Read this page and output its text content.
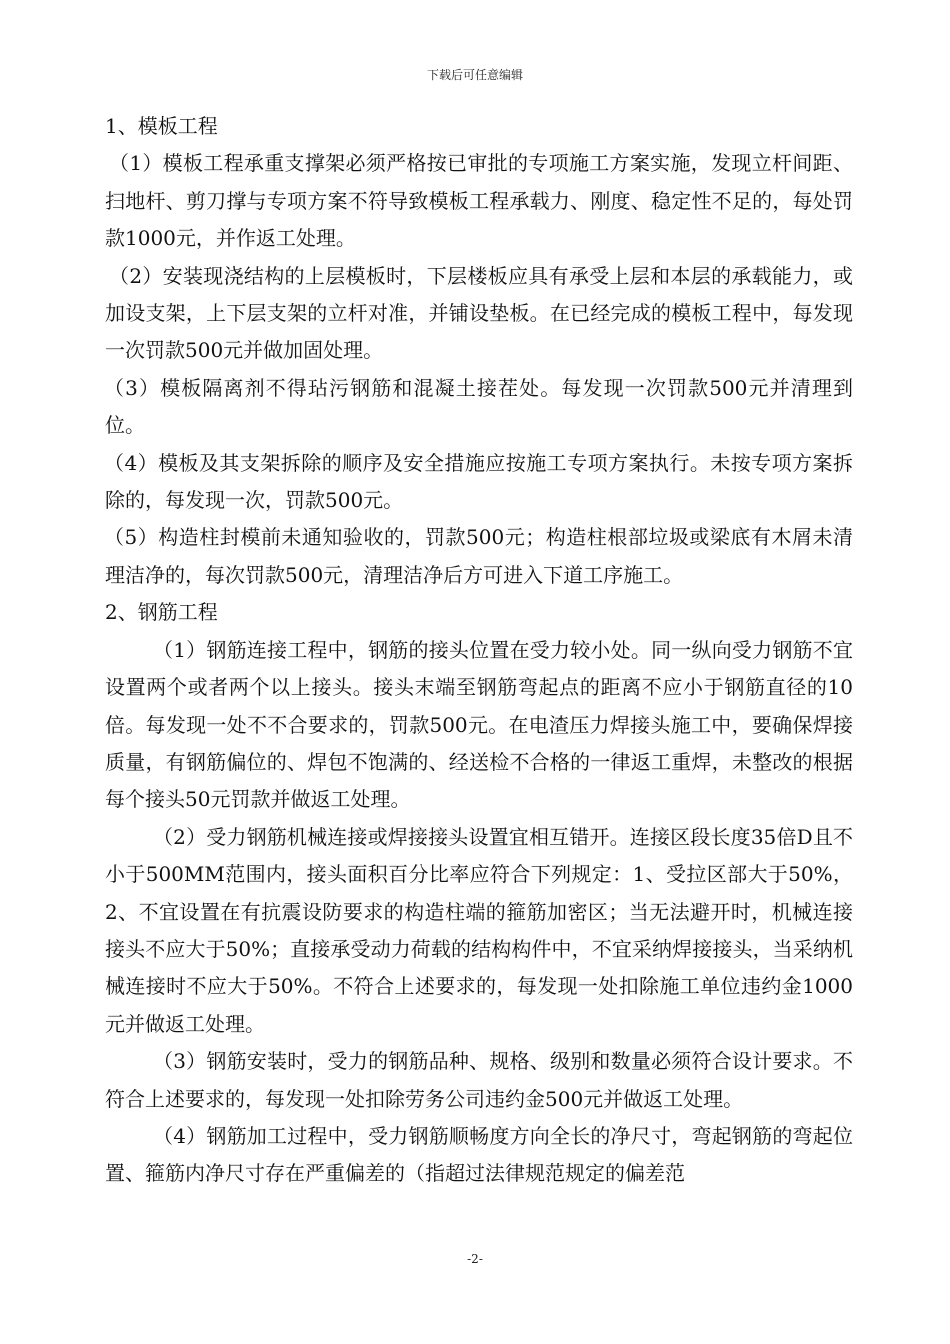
下载后可任意编辑

1、模板工程

（1）模板工程承重支撑架必须严格按已审批的专项施工方案实施，发现立杆间距、扫地杆、剪刀撑与专项方案不符导致模板工程承载力、刚度、稳定性不足的，每处罚款1000元，并作返工处理。

（2）安装现浇结构的上层模板时，下层楼板应具有承受上层和本层的承载能力，或加设支架，上下层支架的立杆对准，并铺设垫板。在已经完成的模板工程中，每发现一次罚款500元并做加固处理。

（3）模板隔离剂不得玷污钢筋和混凝土接茬处。每发现一次罚款500元并清理到位。

（4）模板及其支架拆除的顺序及安全措施应按施工专项方案执行。未按专项方案拆除的，每发现一次，罚款500元。

（5）构造柱封模前未通知验收的，罚款500元；构造柱根部垃圾或梁底有木屑未清理洁净的，每次罚款500元，清理洁净后方可进入下道工序施工。

2、钢筋工程

（1）钢筋连接工程中，钢筋的接头位置在受力较小处。同一纵向受力钢筋不宜设置两个或者两个以上接头。接头末端至钢筋弯起点的距离不应小于钢筋直径的10倍。每发现一处不不合要求的，罚款500元。在电渣压力焊接头施工中，要确保焊接质量，有钢筋偏位的、焊包不饱满的、经送检不合格的一律返工重焊，未整改的根据每个接头50元罚款并做返工处理。

（2）受力钢筋机械连接或焊接接头设置宜相互错开。连接区段长度35倍D且不小于500MM范围内，接头面积百分比率应符合下列规定：1、受拉区部大于50%，2、不宜设置在有抗震设防要求的构造柱端的箍筋加密区；当无法避开时，机械连接接头不应大于50%；直接承受动力荷载的结构构件中，不宜采纳焊接接头，当采纳机械连接时不应大于50%。不符合上述要求的，每发现一处扣除施工单位违约金1000元并做返工处理。

（3）钢筋安装时，受力的钢筋品种、规格、级别和数量必须符合设计要求。不符合上述要求的，每发现一处扣除劳务公司违约金500元并做返工处理。

（4）钢筋加工过程中，受力钢筋顺畅度方向全长的净尺寸，弯起钢筋的弯起位置、箍筋内净尺寸存在严重偏差的（指超过法律规范规定的偏差范

-2-
